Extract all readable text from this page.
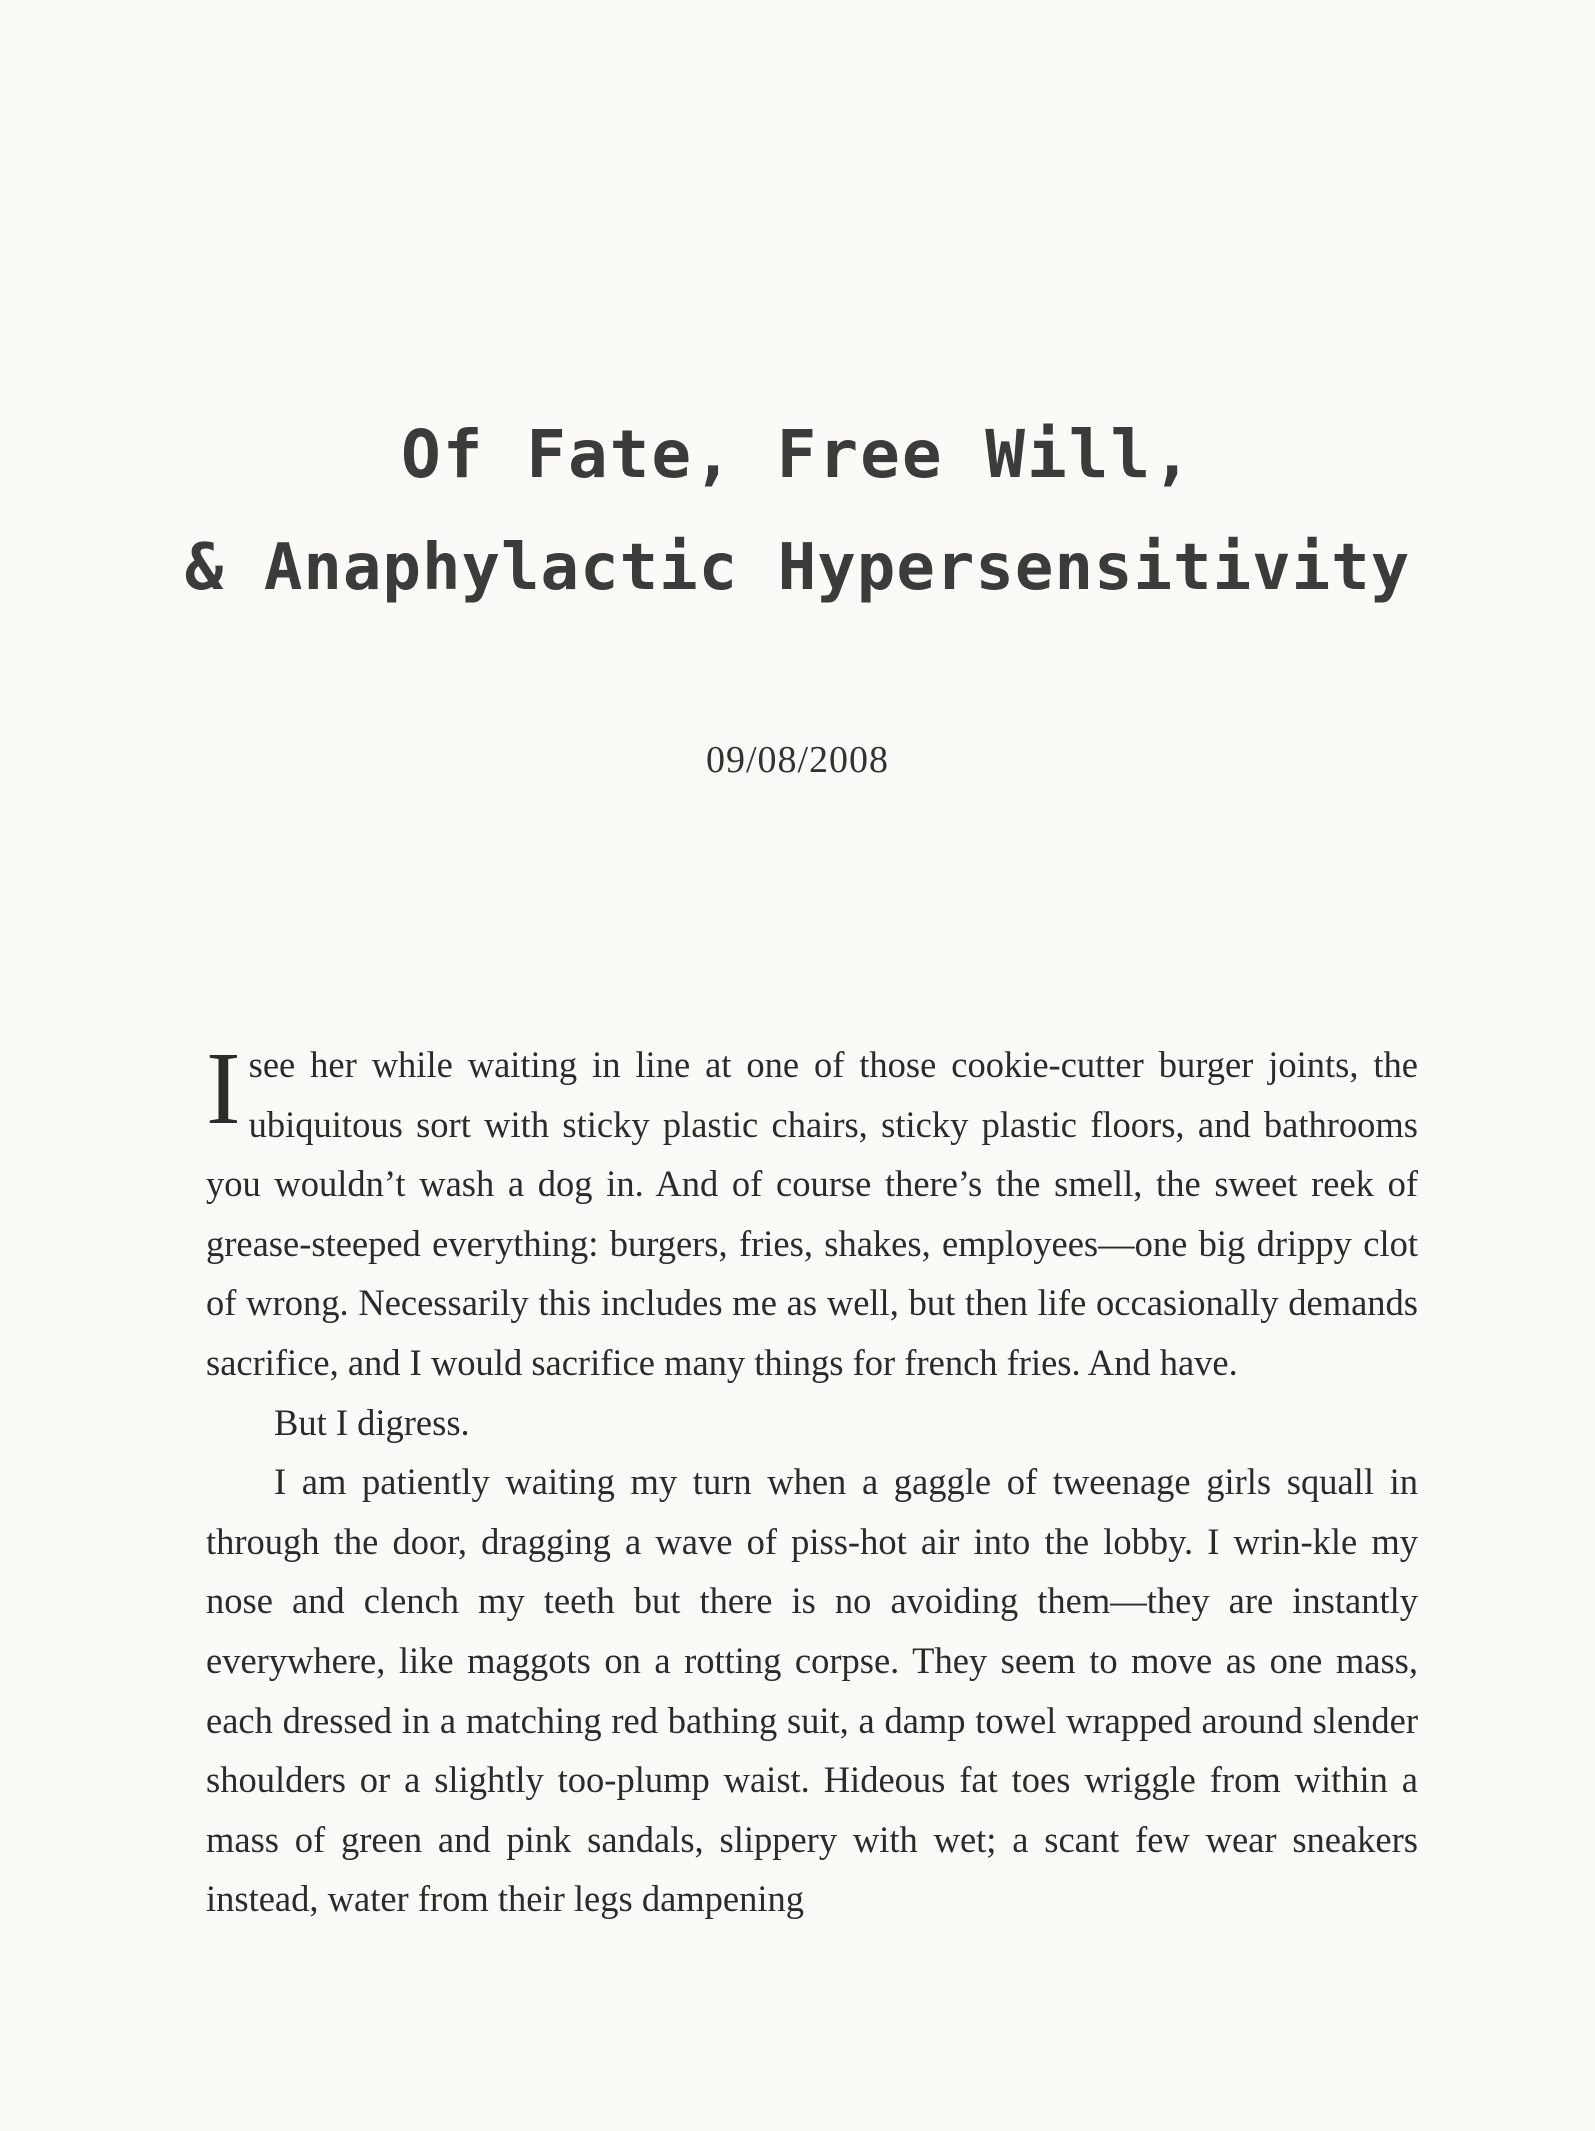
Of Fate, Free Will,
& Anaphylactic Hypersensitivity
09/08/2008

Isee her while waiting in line at one of those cookie-cutter burger joints, the ubiquitous sort with sticky plastic chairs, sticky plastic floors, and bathrooms you wouldn’t wash a dog in. And of course there’s the smell, the sweet reek of grease-steeped everything: burgers, fries, shakes, employees—one big drippy clot of wrong. Necessarily this includes me as well, but then life occasionally demands sacrifice, and I would sacrifice many things for french fries. And have.

But I digress.

I am patiently waiting my turn when a gaggle of tweenage girls squall in through the door, dragging a wave of piss-hot air into the lobby. I wrin-kle my nose and clench my teeth but there is no avoiding them—they are instantly everywhere, like maggots on a rotting corpse. They seem to move as one mass, each dressed in a matching red bathing suit, a damp towel wrapped around slender shoulders or a slightly too-plump waist. Hideous fat toes wriggle from within a mass of green and pink sandals, slippery with wet; a scant few wear sneakers instead, water from their legs dampening
